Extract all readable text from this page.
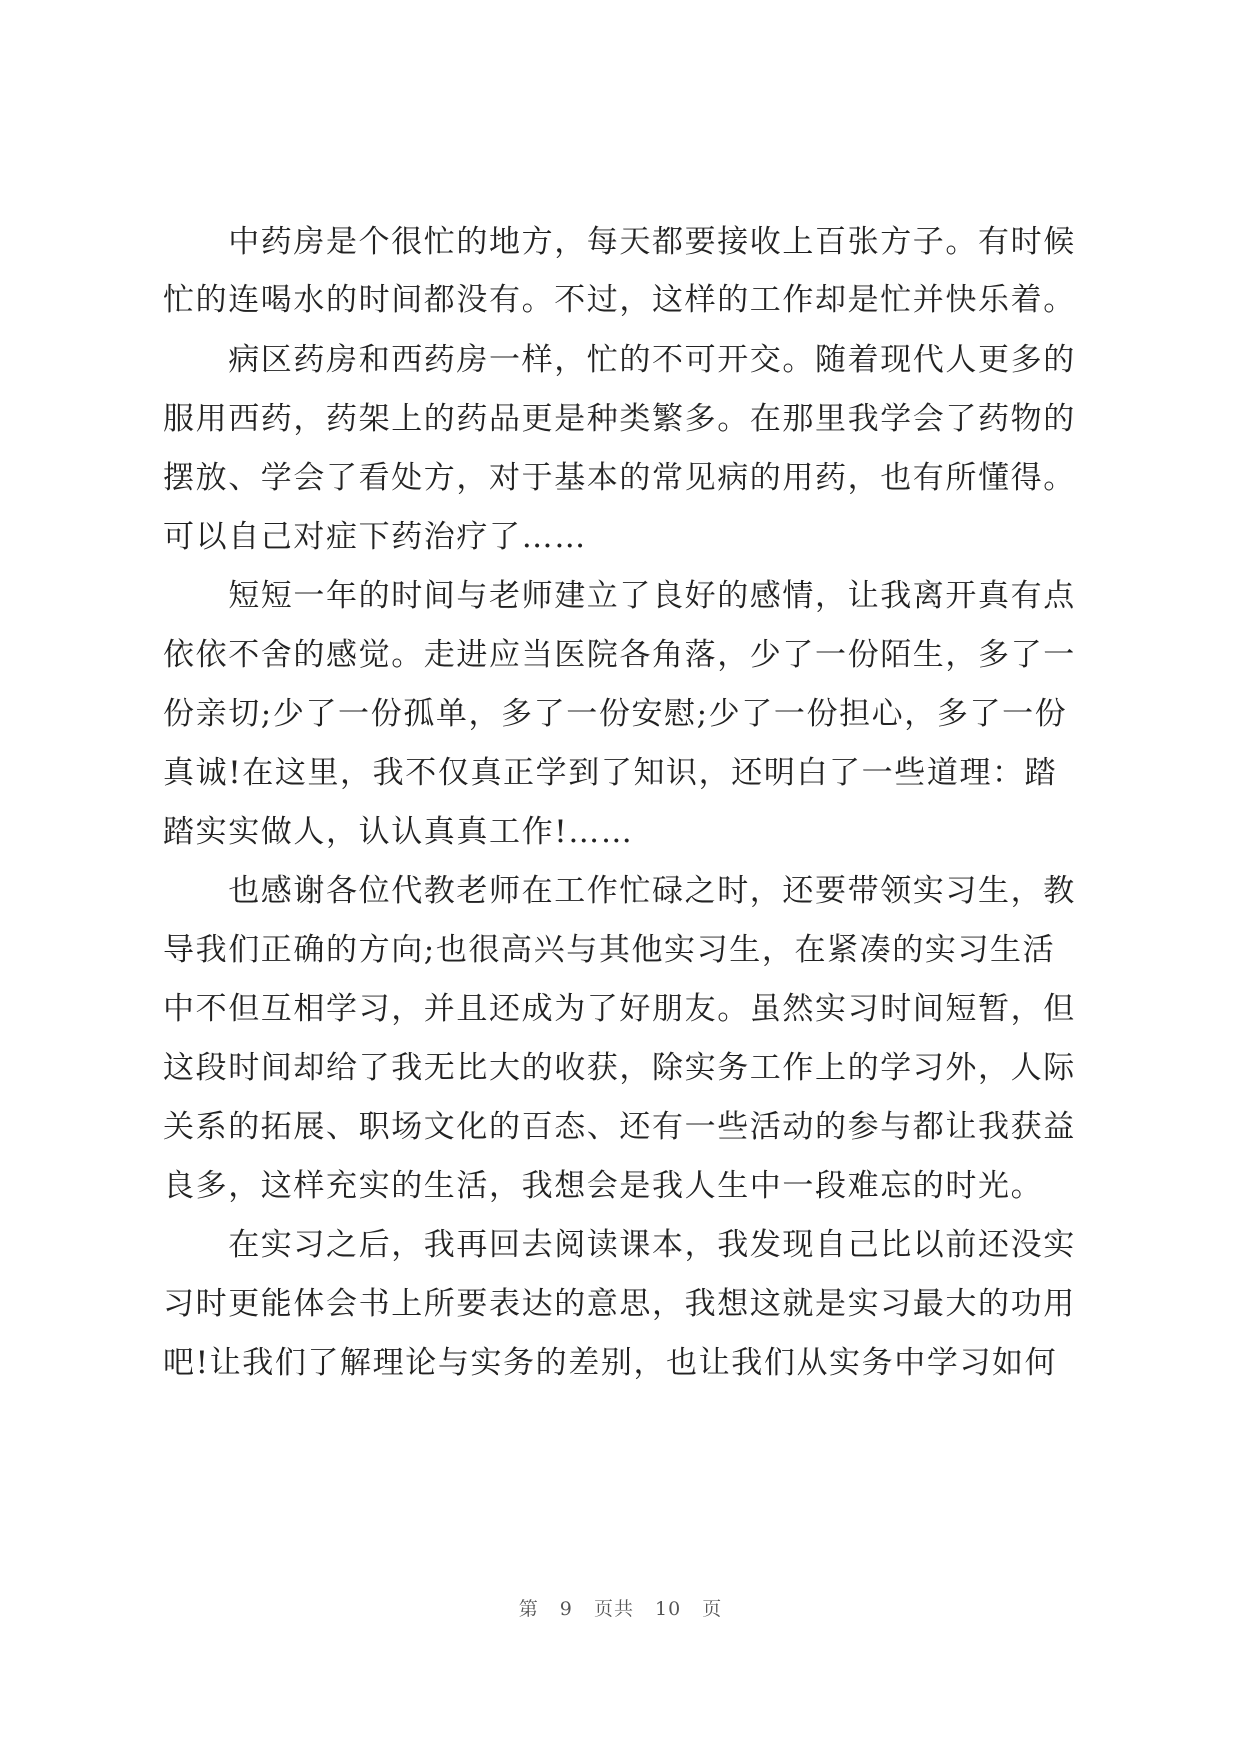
　　中药房是个很忙的地方，每天都要接收上百张方子。有时候
忙的连喝水的时间都没有。不过，这样的工作却是忙并快乐着。
　　病区药房和西药房一样，忙的不可开交。随着现代人更多的
服用西药，药架上的药品更是种类繁多。在那里我学会了药物的
摆放、学会了看处方，对于基本的常见病的用药，也有所懂得。
可以自己对症下药治疗了……
　　短短一年的时间与老师建立了良好的感情，让我离开真有点
依依不舍的感觉。走进应当医院各角落，少了一份陌生，多了一
份亲切;少了一份孤单，多了一份安慰;少了一份担心，多了一份
真诚!在这里，我不仅真正学到了知识，还明白了一些道理：踏
踏实实做人，认认真真工作!……
　　也感谢各位代教老师在工作忙碌之时，还要带领实习生，教
导我们正确的方向;也很高兴与其他实习生，在紧凑的实习生活
中不但互相学习，并且还成为了好朋友。虽然实习时间短暂，但
这段时间却给了我无比大的收获，除实务工作上的学习外，人际
关系的拓展、职场文化的百态、还有一些活动的参与都让我获益
良多，这样充实的生活，我想会是我人生中一段难忘的时光。
　　在实习之后，我再回去阅读课本，我发现自己比以前还没实
习时更能体会书上所要表达的意思，我想这就是实习最大的功用
吧!让我们了解理论与实务的差别，也让我们从实务中学习如何
第 9 页共 10 页
